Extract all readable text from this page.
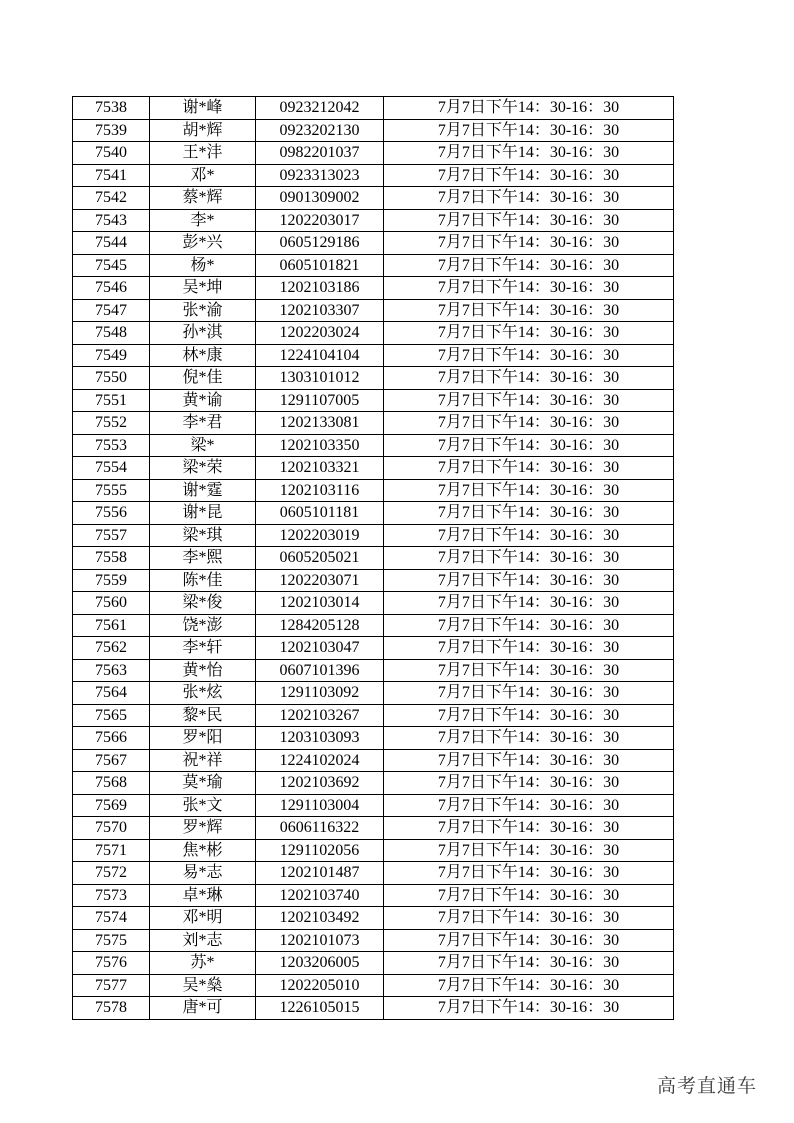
7538	谢*峰	0923212042	7月7日下午14：30-16：30
7539	胡*辉	0923202130	7月7日下午14：30-16：30
7540	王*沣	0982201037	7月7日下午14：30-16：30
7541	邓*	0923313023	7月7日下午14：30-16：30
7542	蔡*辉	0901309002	7月7日下午14：30-16：30
7543	李*	1202203017	7月7日下午14：30-16：30
7544	彭*兴	0605129186	7月7日下午14：30-16：30
7545	杨*	0605101821	7月7日下午14：30-16：30
7546	吴*坤	1202103186	7月7日下午14：30-16：30
7547	张*渝	1202103307	7月7日下午14：30-16：30
7548	孙*淇	1202203024	7月7日下午14：30-16：30
7549	林*康	1224104104	7月7日下午14：30-16：30
7550	倪*佳	1303101012	7月7日下午14：30-16：30
7551	黄*谕	1291107005	7月7日下午14：30-16：30
7552	李*君	1202133081	7月7日下午14：30-16：30
7553	梁*	1202103350	7月7日下午14：30-16：30
7554	梁*荣	1202103321	7月7日下午14：30-16：30
7555	谢*霆	1202103116	7月7日下午14：30-16：30
7556	谢*昆	0605101181	7月7日下午14：30-16：30
7557	梁*琪	1202203019	7月7日下午14：30-16：30
7558	李*熙	0605205021	7月7日下午14：30-16：30
7559	陈*佳	1202203071	7月7日下午14：30-16：30
7560	梁*俊	1202103014	7月7日下午14：30-16：30
7561	饶*澎	1284205128	7月7日下午14：30-16：30
7562	李*轩	1202103047	7月7日下午14：30-16：30
7563	黄*怡	0607101396	7月7日下午14：30-16：30
7564	张*炫	1291103092	7月7日下午14：30-16：30
7565	黎*民	1202103267	7月7日下午14：30-16：30
7566	罗*阳	1203103093	7月7日下午14：30-16：30
7567	祝*祥	1224102024	7月7日下午14：30-16：30
7568	莫*瑜	1202103692	7月7日下午14：30-16：30
7569	张*文	1291103004	7月7日下午14：30-16：30
7570	罗*辉	0606116322	7月7日下午14：30-16：30
7571	焦*彬	1291102056	7月7日下午14：30-16：30
7572	易*志	1202101487	7月7日下午14：30-16：30
7573	卓*琳	1202103740	7月7日下午14：30-16：30
7574	邓*明	1202103492	7月7日下午14：30-16：30
7575	刘*志	1202101073	7月7日下午14：30-16：30
7576	苏*	1203206005	7月7日下午14：30-16：30
7577	吴*燊	1202205010	7月7日下午14：30-16：30
7578	唐*可	1226105015	7月7日下午14：30-16：30
高考直通车
